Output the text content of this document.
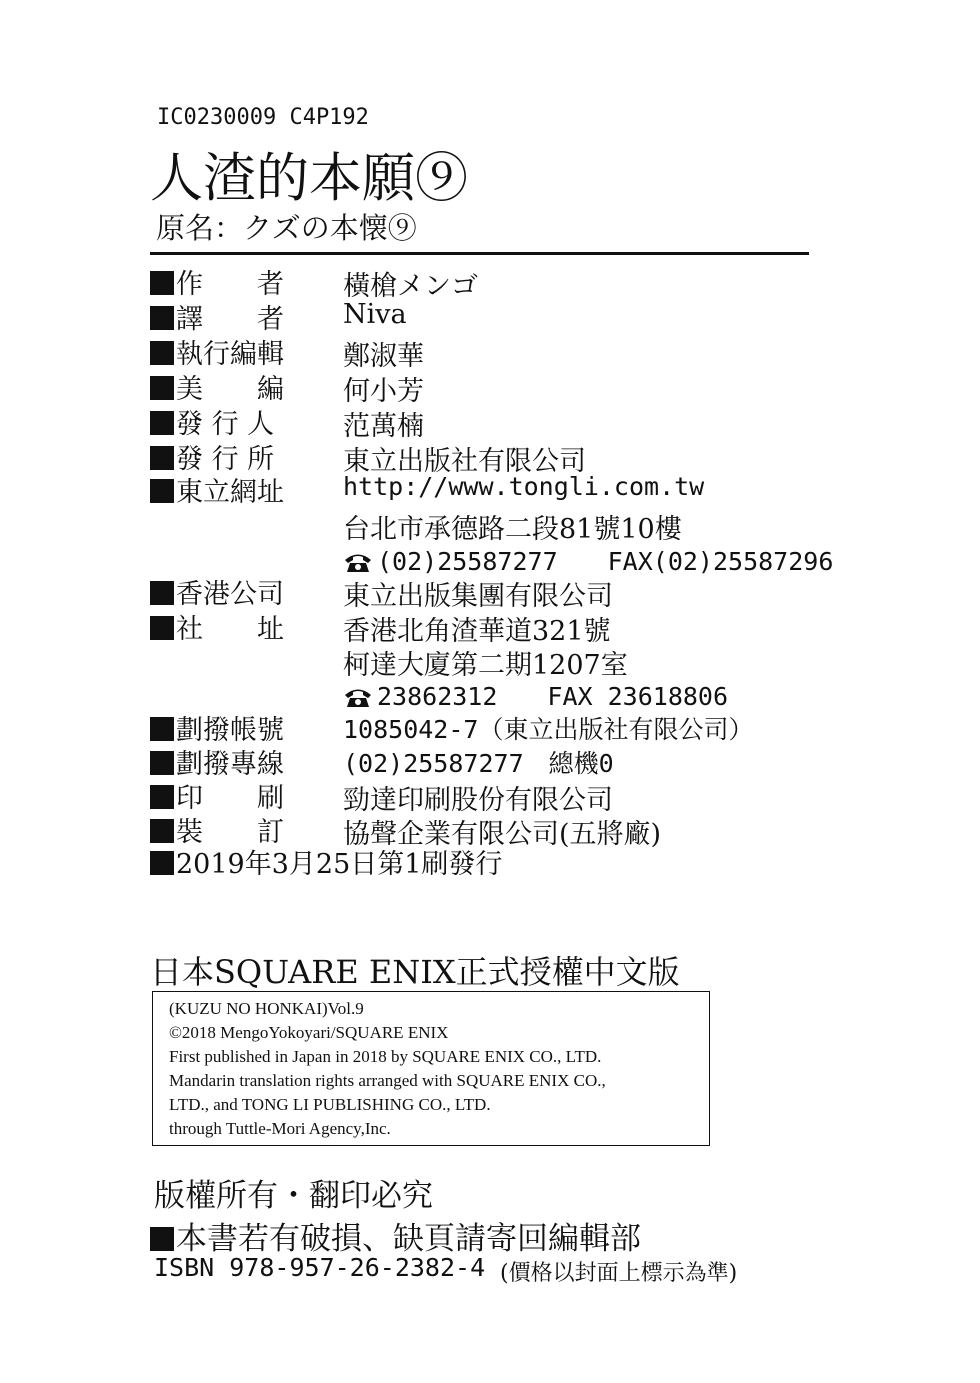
IC0230009 C4P192
人渣的本願⑨
原名：クズの本懐⑨
作　　者 橫槍メンゴ
譯　　者 Niva
執行編輯 鄭淑華
美　　編 何小芳
發 行 人	范萬楠
發 行 所	東立出版社有限公司
東立網址 http://www.tongli.com.tw
台北市承德路二段81號10樓
(02)25587277　　FAX(02)25587296
香港公司 東立出版集團有限公司
社　　址 香港北角渣華道321號
柯達大廈第二期1207室
23862312　　FAX 23618806
劃撥帳號 1085042-7（東立出版社有限公司）
劃撥專線 (02)25587277　總機0
印　　刷 勁達印刷股份有限公司
裝　　訂 協聲企業有限公司(五將廠)
2019年3月25日第1刷發行
日本SQUARE ENIX正式授權中文版
(KUZU NO HONKAI)Vol.9
©2018 MengoYokoyari/SQUARE ENIX
First published in Japan in 2018 by SQUARE ENIX CO., LTD.
Mandarin translation rights arranged with SQUARE ENIX CO.,
LTD., and TONG LI PUBLISHING CO., LTD.
through Tuttle-Mori Agency,Inc.
版權所有・翻印必究
本書若有破損、缺頁請寄回編輯部
ISBN 978-957-26-2382-4 (價格以封面上標示為準)
